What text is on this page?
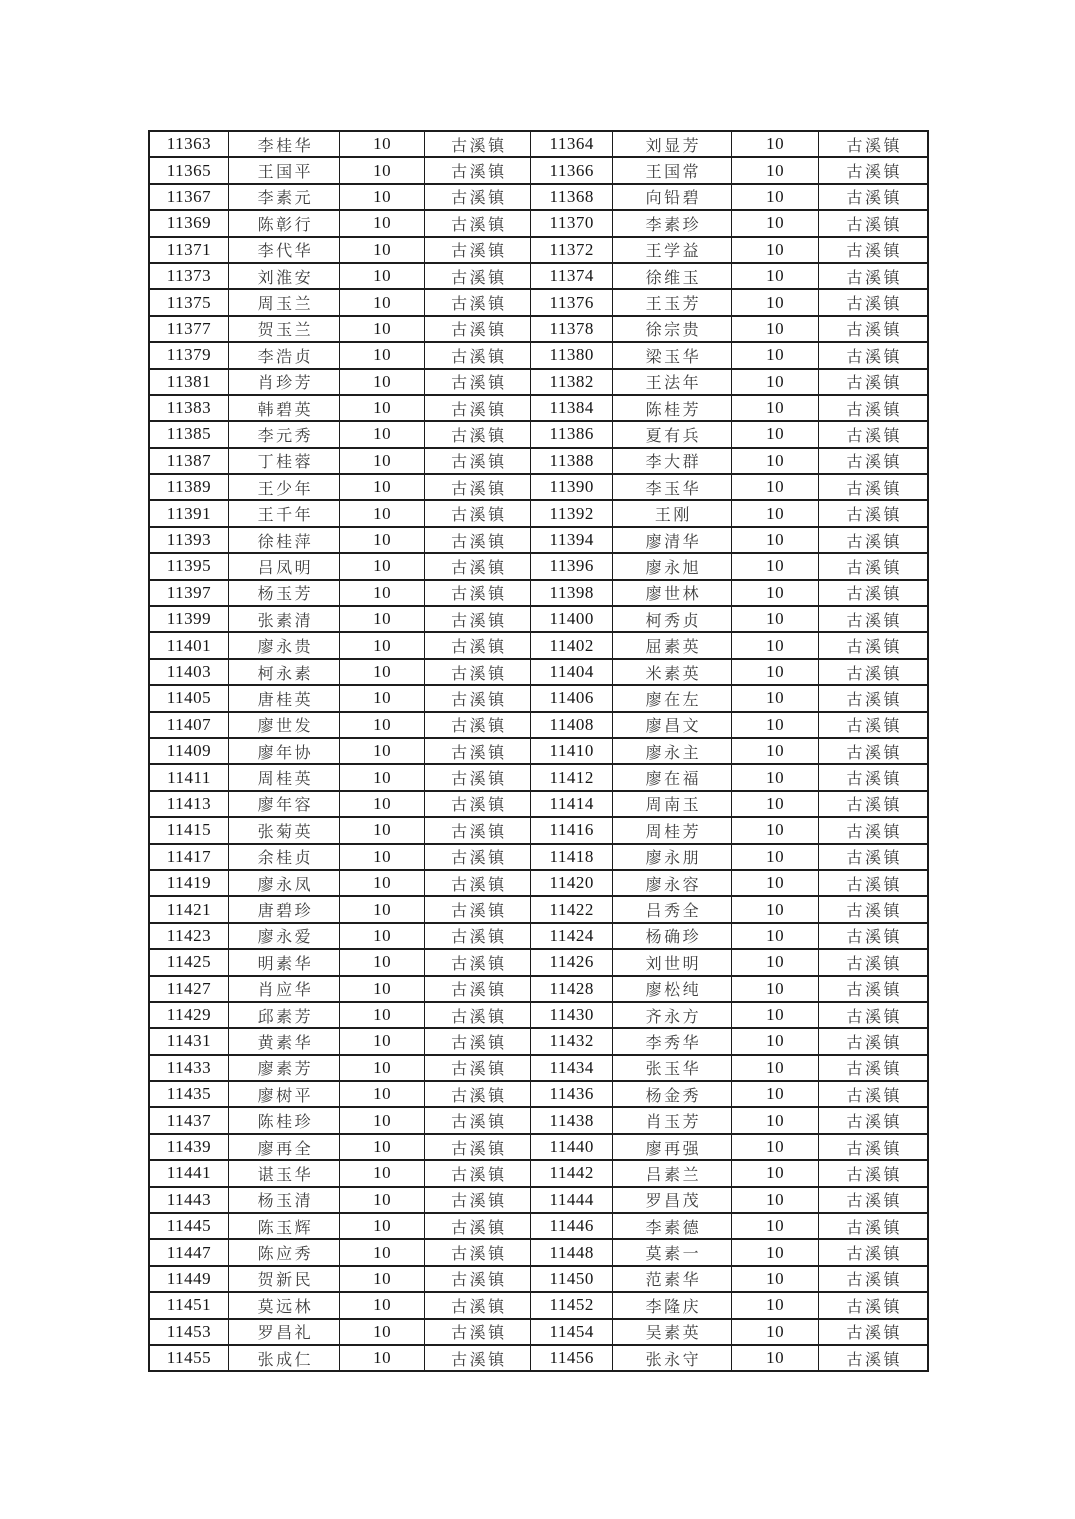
11363	李桂华	10	古溪镇	11364	刘显芳	10	古溪镇
11365	王国平	10	古溪镇	11366	王国常	10	古溪镇
11367	李素元	10	古溪镇	11368	向铅碧	10	古溪镇
11369	陈彰行	10	古溪镇	11370	李素珍	10	古溪镇
11371	李代华	10	古溪镇	11372	王学益	10	古溪镇
11373	刘淮安	10	古溪镇	11374	徐维玉	10	古溪镇
11375	周玉兰	10	古溪镇	11376	王玉芳	10	古溪镇
11377	贺玉兰	10	古溪镇	11378	徐宗贵	10	古溪镇
11379	李浩贞	10	古溪镇	11380	梁玉华	10	古溪镇
11381	肖珍芳	10	古溪镇	11382	王法年	10	古溪镇
11383	韩碧英	10	古溪镇	11384	陈桂芳	10	古溪镇
11385	李元秀	10	古溪镇	11386	夏有兵	10	古溪镇
11387	丁桂蓉	10	古溪镇	11388	李大群	10	古溪镇
11389	王少年	10	古溪镇	11390	李玉华	10	古溪镇
11391	王千年	10	古溪镇	11392	王刚	10	古溪镇
11393	徐桂萍	10	古溪镇	11394	廖清华	10	古溪镇
11395	吕凤明	10	古溪镇	11396	廖永旭	10	古溪镇
11397	杨玉芳	10	古溪镇	11398	廖世林	10	古溪镇
11399	张素清	10	古溪镇	11400	柯秀贞	10	古溪镇
11401	廖永贵	10	古溪镇	11402	屈素英	10	古溪镇
11403	柯永素	10	古溪镇	11404	米素英	10	古溪镇
11405	唐桂英	10	古溪镇	11406	廖在左	10	古溪镇
11407	廖世发	10	古溪镇	11408	廖昌文	10	古溪镇
11409	廖年协	10	古溪镇	11410	廖永主	10	古溪镇
11411	周桂英	10	古溪镇	11412	廖在福	10	古溪镇
11413	廖年容	10	古溪镇	11414	周南玉	10	古溪镇
11415	张菊英	10	古溪镇	11416	周桂芳	10	古溪镇
11417	余桂贞	10	古溪镇	11418	廖永朋	10	古溪镇
11419	廖永凤	10	古溪镇	11420	廖永容	10	古溪镇
11421	唐碧珍	10	古溪镇	11422	吕秀全	10	古溪镇
11423	廖永爱	10	古溪镇	11424	杨确珍	10	古溪镇
11425	明素华	10	古溪镇	11426	刘世明	10	古溪镇
11427	肖应华	10	古溪镇	11428	廖松纯	10	古溪镇
11429	邱素芳	10	古溪镇	11430	齐永方	10	古溪镇
11431	黄素华	10	古溪镇	11432	李秀华	10	古溪镇
11433	廖素芳	10	古溪镇	11434	张玉华	10	古溪镇
11435	廖树平	10	古溪镇	11436	杨金秀	10	古溪镇
11437	陈桂珍	10	古溪镇	11438	肖玉芳	10	古溪镇
11439	廖再全	10	古溪镇	11440	廖再强	10	古溪镇
11441	谌玉华	10	古溪镇	11442	吕素兰	10	古溪镇
11443	杨玉清	10	古溪镇	11444	罗昌茂	10	古溪镇
11445	陈玉辉	10	古溪镇	11446	李素德	10	古溪镇
11447	陈应秀	10	古溪镇	11448	莫素一	10	古溪镇
11449	贺新民	10	古溪镇	11450	范素华	10	古溪镇
11451	莫远林	10	古溪镇	11452	李隆庆	10	古溪镇
11453	罗昌礼	10	古溪镇	11454	吴素英	10	古溪镇
11455	张成仁	10	古溪镇	11456	张永守	10	古溪镇
